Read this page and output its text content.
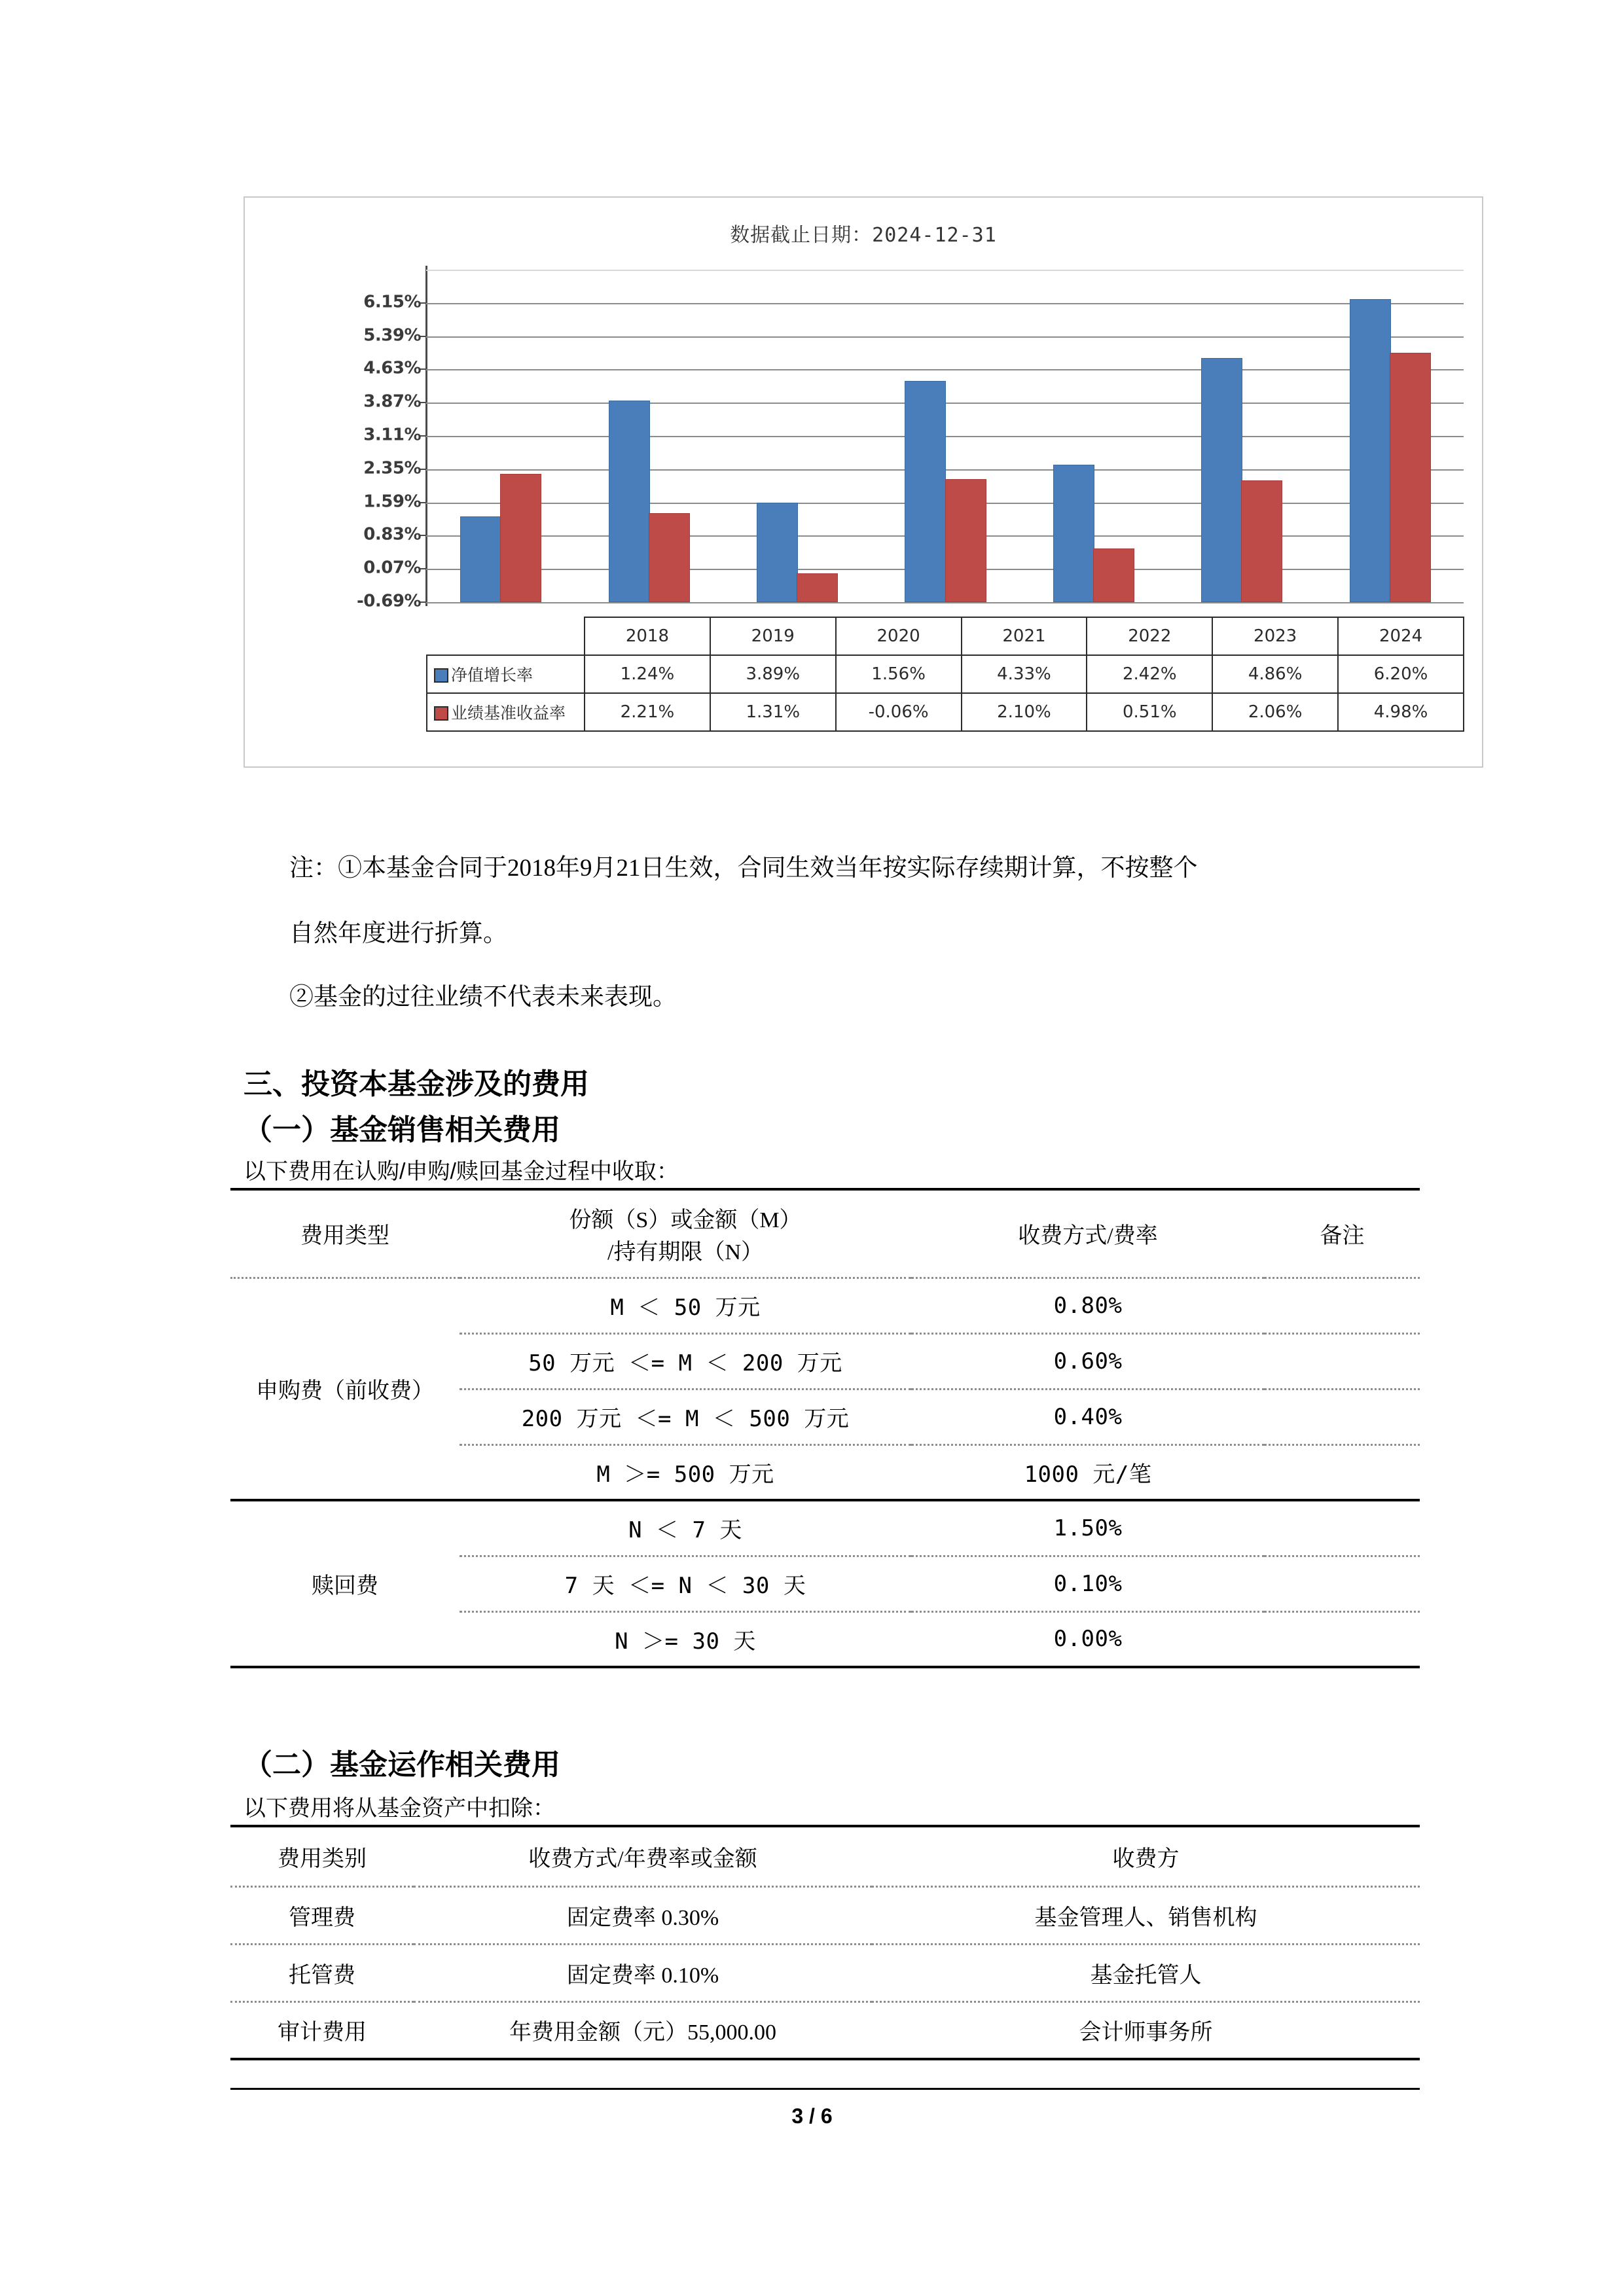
数据截止日期：2024-12-31
6.15%
5.39%
4.63%
3.87%
3.11%
2.35%
1.59%
0.83%
0.07%
-0.69%
	2018	2019	2020	2021	2022	2023	2024
净值增长率	1.24%	3.89%	1.56%	4.33%	2.42%	4.86%	6.20%
业绩基准收益率	2.21%	1.31%	-0.06%	2.10%	0.51%	2.06%	4.98%
注：①本基金合同于2018年9月21日生效，合同生效当年按实际存续期计算，不按整个
自然年度进行折算。
②基金的过往业绩不代表未来表现。
三、投资本基金涉及的费用
（一）基金销售相关费用
以下费用在认购/申购/赎回基金过程中收取：
费用类型	份额（S）或金额（M）
/持有期限（N）	收费方式/费率	备注
申购费（前收费）	M ＜ 50 万元	0.80%	
	50 万元 ＜= M ＜ 200 万元	0.60%	
	200 万元 ＜= M ＜ 500 万元	0.40%	
	M ＞= 500 万元	1000 元/笔	
赎回费	N ＜ 7 天	1.50%	
	7 天 ＜= N ＜ 30 天	0.10%	
	N ＞= 30 天	0.00%	
（二）基金运作相关费用
以下费用将从基金资产中扣除：
费用类别	收费方式/年费率或金额	收费方
管理费	固定费率 0.30%	基金管理人、销售机构
托管费	固定费率 0.10%	基金托管人
审计费用	年费用金额（元）55,000.00	会计师事务所
3 / 6
